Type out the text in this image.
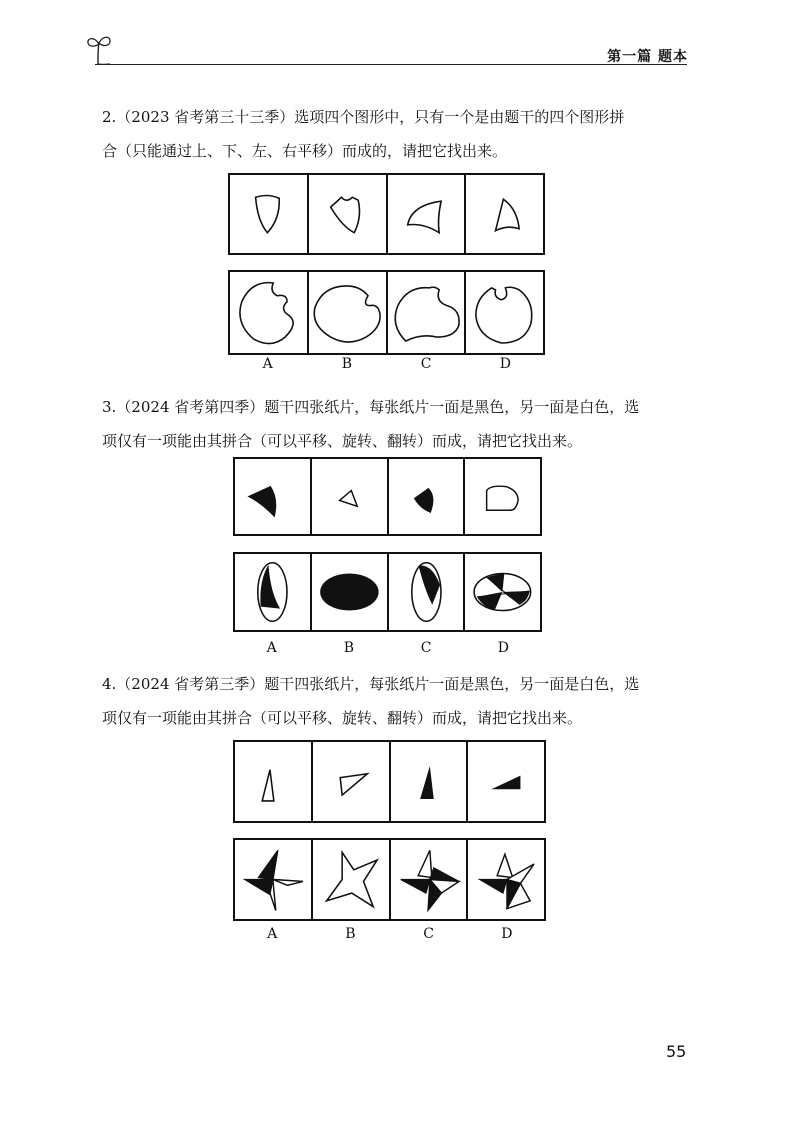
第一篇 题本

2.（2023 省考第三十三季）选项四个图形中，只有一个是由题干的四个图形拼

合（只能通过上、下、左、右平移）而成的，请把它找出来。

A	B	C	D

3.（2024 省考第四季）题干四张纸片，每张纸片一面是黑色，另一面是白色，选

项仅有一项能由其拼合（可以平移、旋转、翻转）而成，请把它找出来。

A	B	C	D

4.（2024 省考第三季）题干四张纸片，每张纸片一面是黑色，另一面是白色，选

项仅有一项能由其拼合（可以平移、旋转、翻转）而成，请把它找出来。

A	B	C	D
55
